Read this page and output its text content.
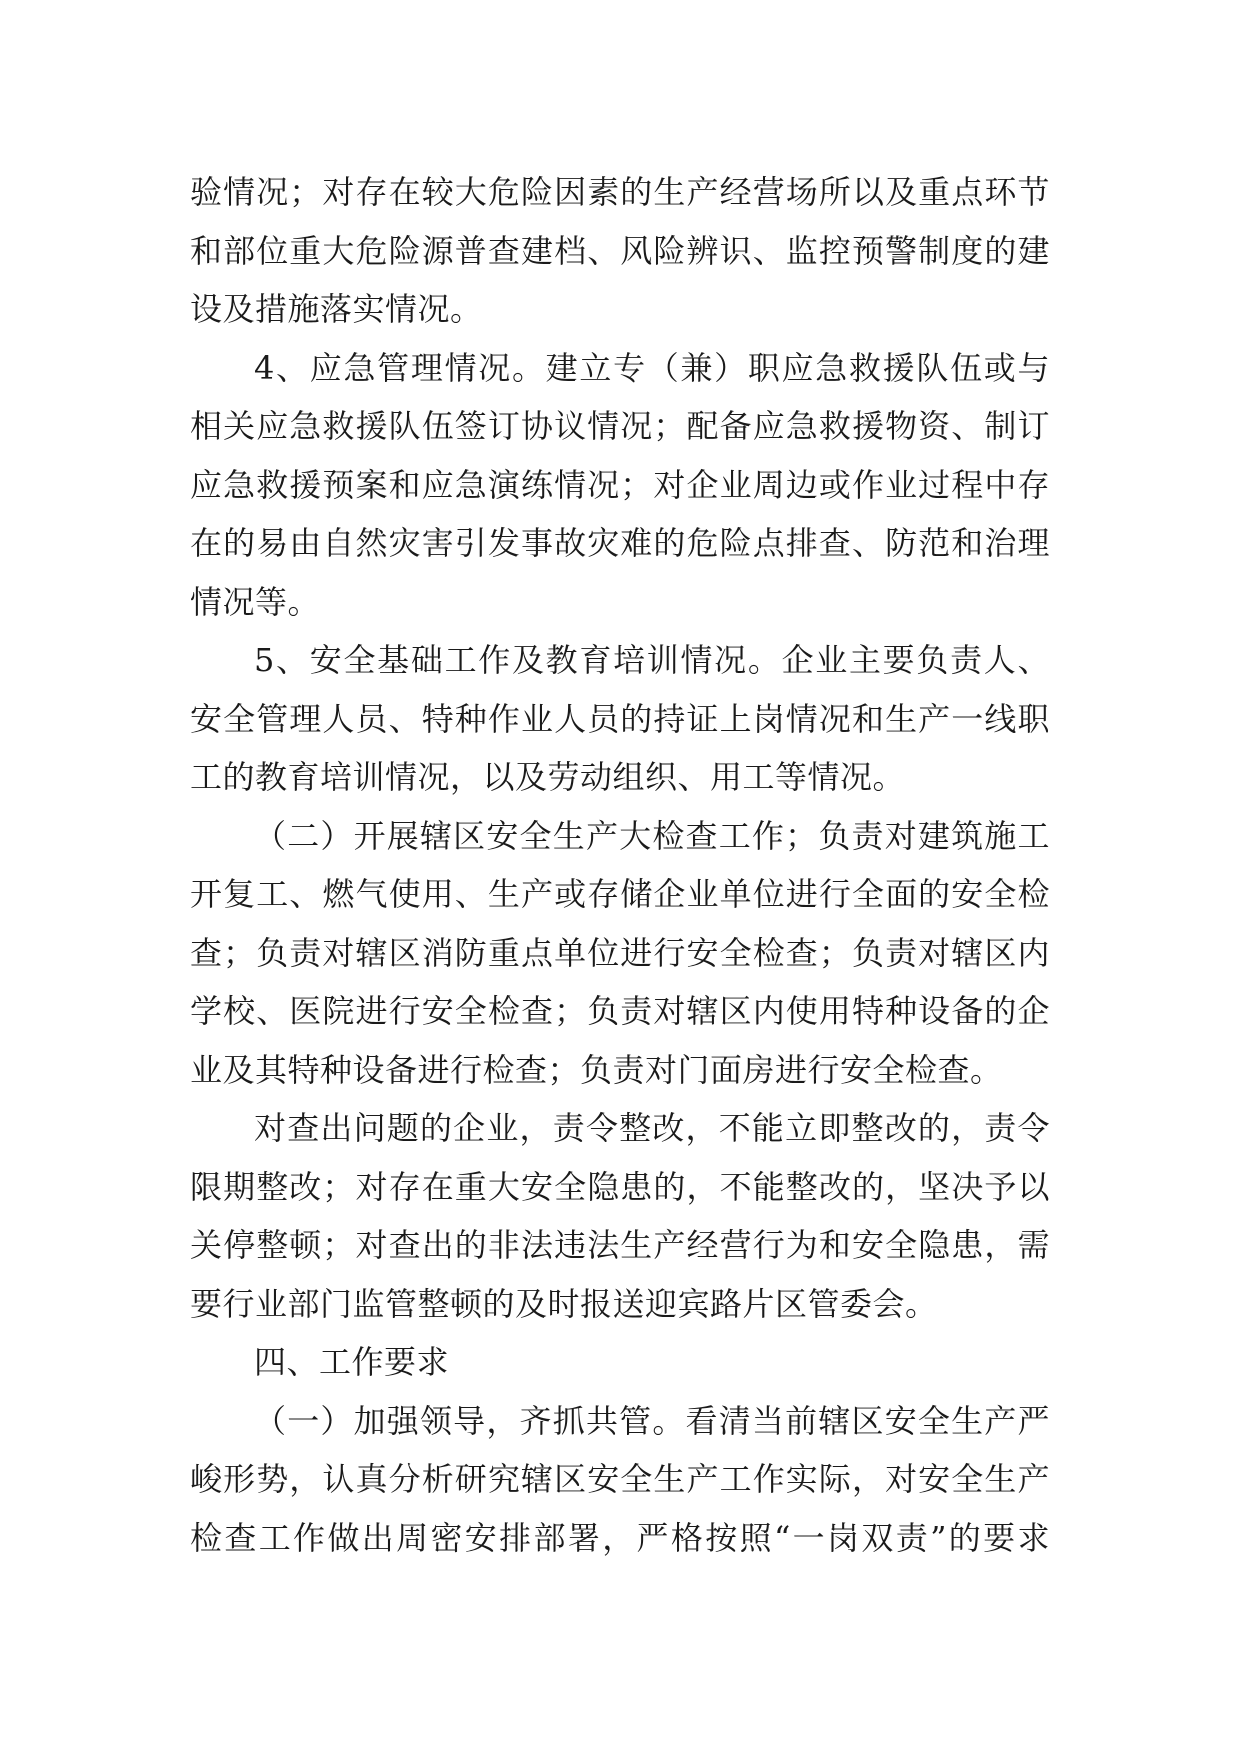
验情况；对存在较大危险因素的生产经营场所以及重点环节
和部位重大危险源普查建档、风险辨识、监控预警制度的建
设及措施落实情况。
4、应急管理情况。建立专（兼）职应急救援队伍或与
相关应急救援队伍签订协议情况；配备应急救援物资、制订
应急救援预案和应急演练情况；对企业周边或作业过程中存
在的易由自然灾害引发事故灾难的危险点排查、防范和治理
情况等。
5、安全基础工作及教育培训情况。企业主要负责人、
安全管理人员、特种作业人员的持证上岗情况和生产一线职
工的教育培训情况，以及劳动组织、用工等情况。
（二）开展辖区安全生产大检查工作；负责对建筑施工
开复工、燃气使用、生产或存储企业单位进行全面的安全检
查；负责对辖区消防重点单位进行安全检查；负责对辖区内
学校、医院进行安全检查；负责对辖区内使用特种设备的企
业及其特种设备进行检查；负责对门面房进行安全检查。
对查出问题的企业，责令整改，不能立即整改的，责令
限期整改；对存在重大安全隐患的，不能整改的，坚决予以
关停整顿；对查出的非法违法生产经营行为和安全隐患，需
要行业部门监管整顿的及时报送迎宾路片区管委会。
四、工作要求
（一）加强领导，齐抓共管。看清当前辖区安全生产严
峻形势，认真分析研究辖区安全生产工作实际，对安全生产
检查工作做出周密安排部署，严格按照“一岗双责”的要求
